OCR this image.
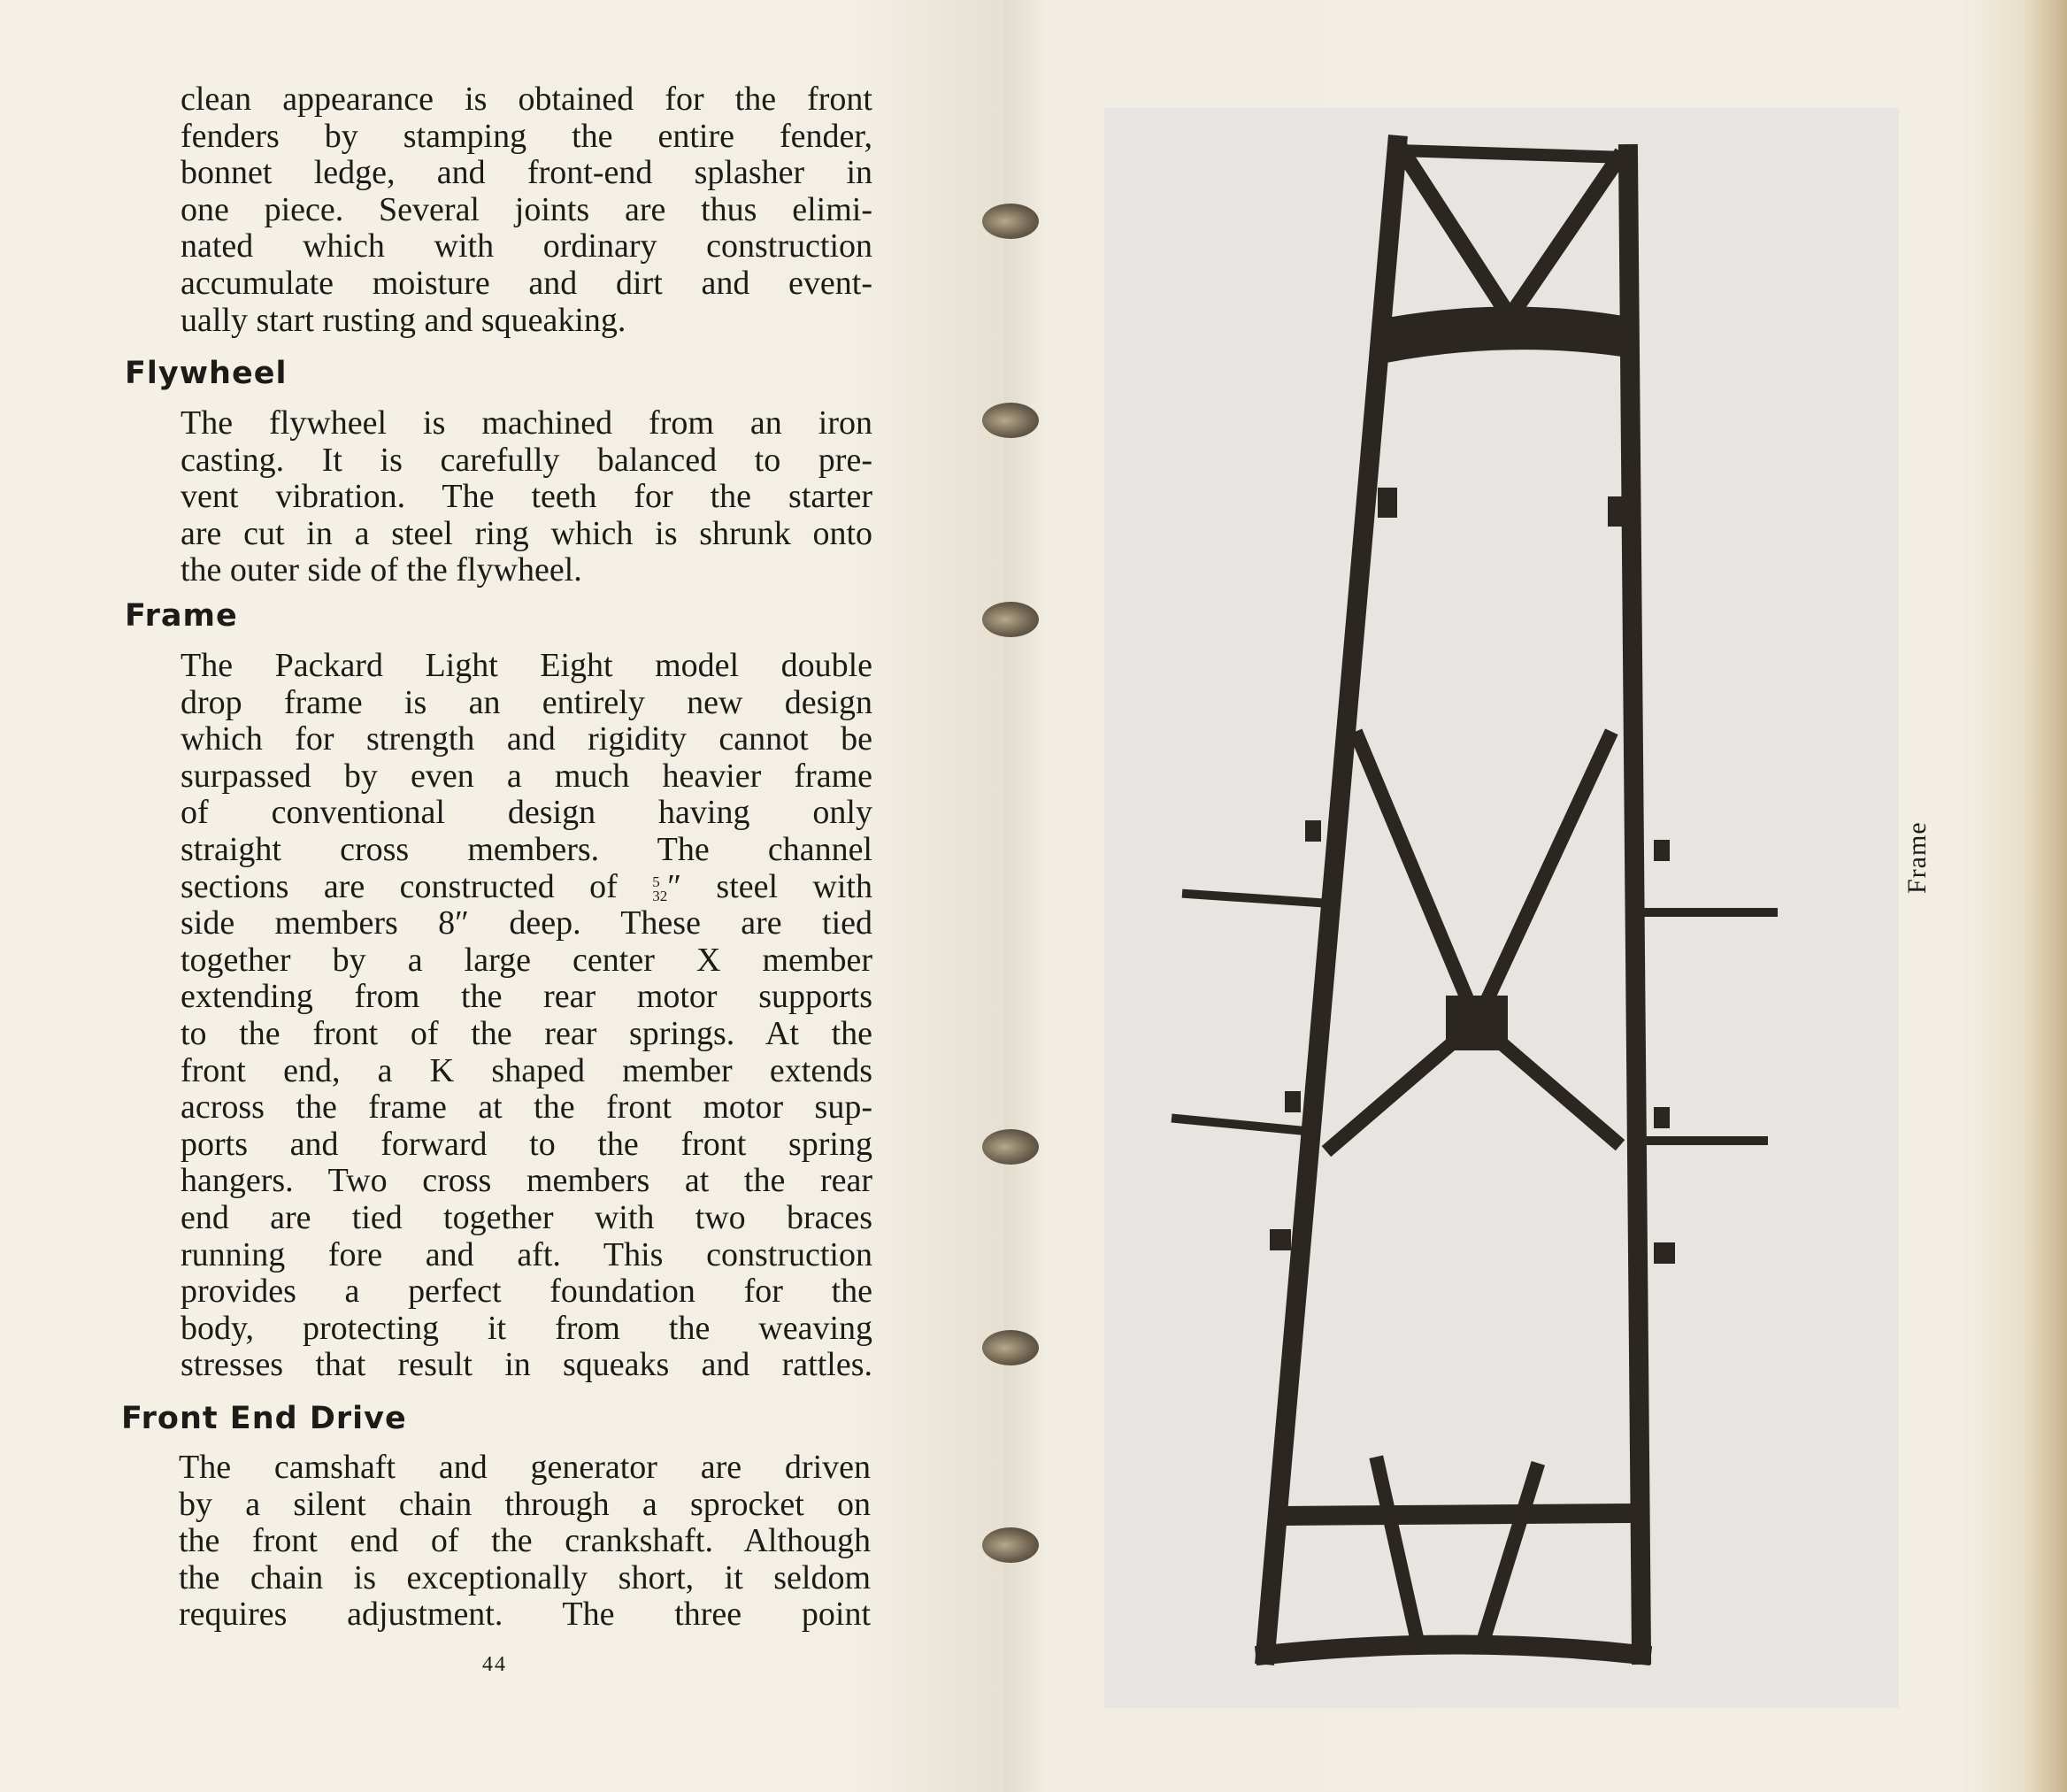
clean appearance is obtained for the front
fenders by stamping the entire fender,
bonnet ledge, and front-end splasher in
one piece. Several joints are thus elimi-
nated which with ordinary construction
accumulate moisture and dirt and event-
ually start rusting and squeaking.
Flywheel
The flywheel is machined from an iron
casting. It is carefully balanced to pre-
vent vibration. The teeth for the starter
are cut in a steel ring which is shrunk onto
the outer side of the flywheel.
Frame
The Packard Light Eight model double
drop frame is an entirely new design
which for strength and rigidity cannot be
surpassed by even a much heavier frame
of conventional design having only
straight cross members. The channel
sections are constructed of 5
32 ″ steel with
side members 8″ deep. These are tied
together by a large center X member
extending from the rear motor supports
to the front of the rear springs. At the
front end, a K shaped member extends
across the frame at the front motor sup-
ports and forward to the front spring
hangers. Two cross members at the rear
end are tied together with two braces
running fore and aft. This construction
provides a perfect foundation for the
body, protecting it from the weaving
stresses that result in squeaks and rattles.
Front End Drive
The camshaft and generator are driven
by a silent chain through a sprocket on
the front end of the crankshaft. Although
the chain is exceptionally short, it seldom
requires adjustment. The three point
44
Frame
